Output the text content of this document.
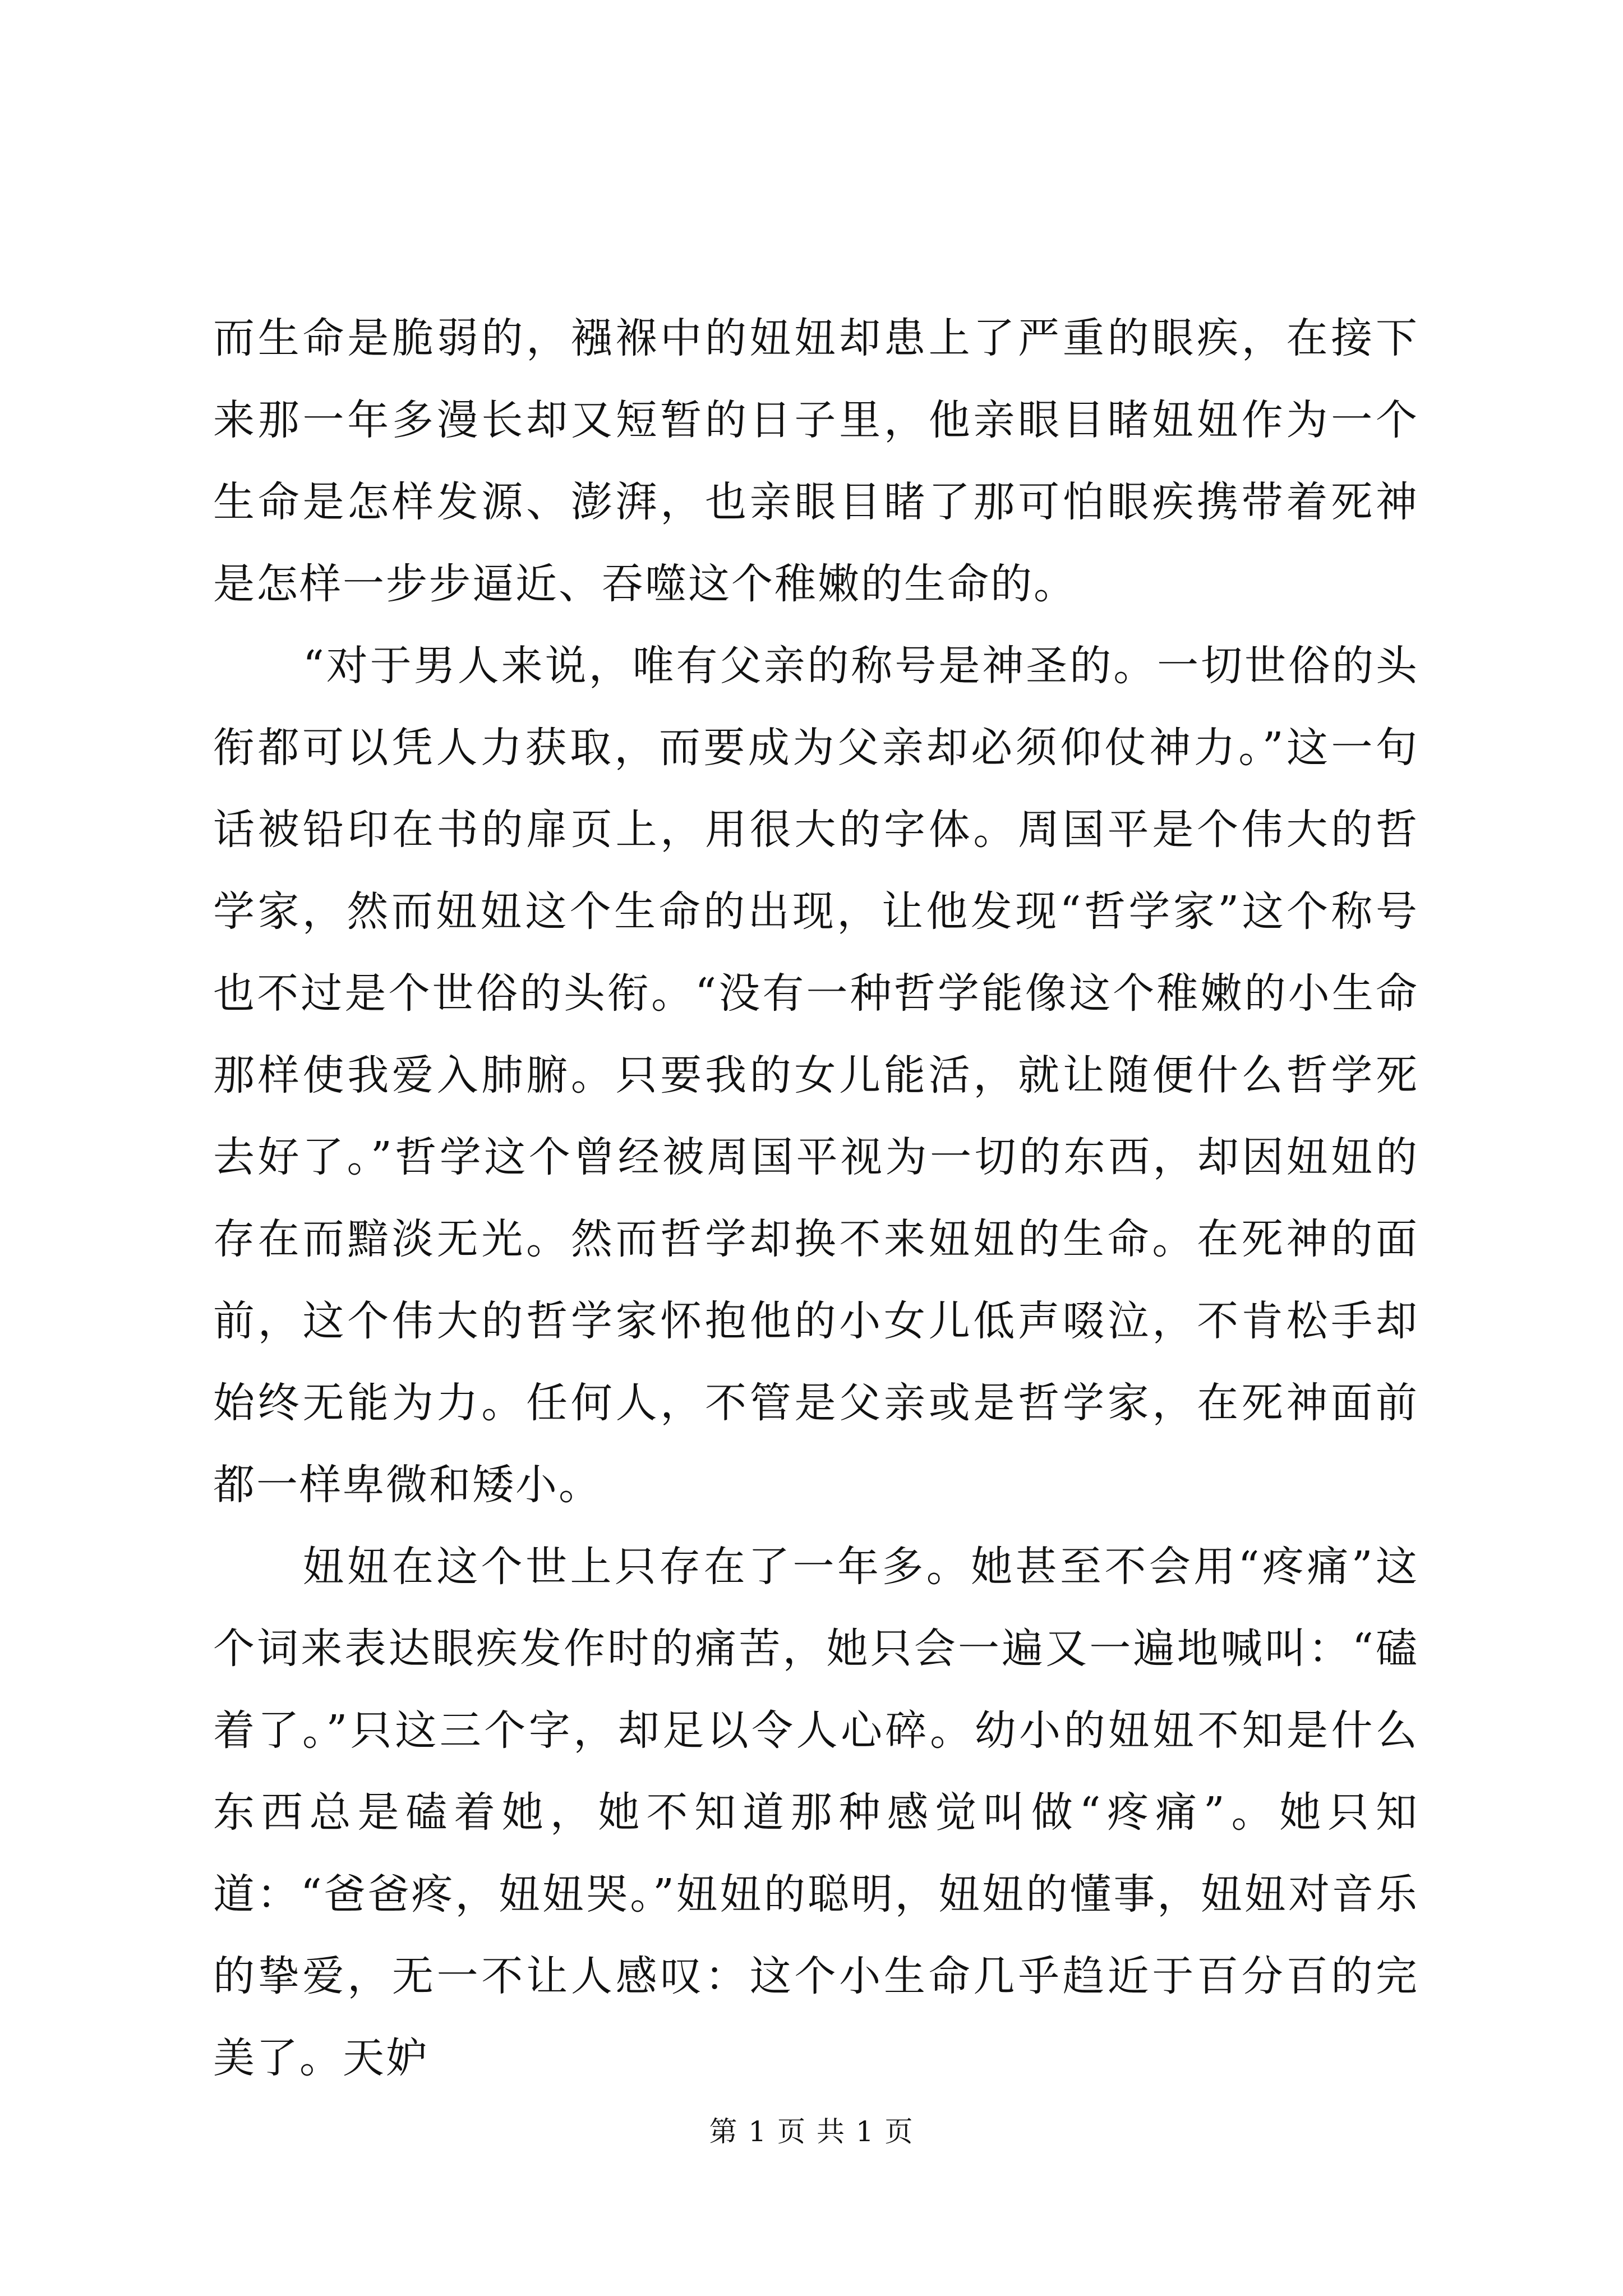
而生命是脆弱的，襁褓中的妞妞却患上了严重的眼疾，在接下来那一年多漫长却又短暂的日子里，他亲眼目睹妞妞作为一个生命是怎样发源、澎湃，也亲眼目睹了那可怕眼疾携带着死神是怎样一步步逼近、吞噬这个稚嫩的生命的。

“对于男人来说，唯有父亲的称号是神圣的。一切世俗的头衔都可以凭人力获取，而要成为父亲却必须仰仗神力。”这一句话被铅印在书的扉页上，用很大的字体。周国平是个伟大的哲学家，然而妞妞这个生命的出现，让他发现“哲学家”这个称号也不过是个世俗的头衔。“没有一种哲学能像这个稚嫩的小生命那样使我爱入肺腑。只要我的女儿能活，就让随便什么哲学死去好了。”哲学这个曾经被周国平视为一切的东西，却因妞妞的存在而黯淡无光。然而哲学却换不来妞妞的生命。在死神的面前，这个伟大的哲学家怀抱他的小女儿低声啜泣，不肯松手却始终无能为力。任何人，不管是父亲或是哲学家，在死神面前都一样卑微和矮小。

妞妞在这个世上只存在了一年多。她甚至不会用“疼痛”这个词来表达眼疾发作时的痛苦，她只会一遍又一遍地喊叫：“磕着了。”只这三个字，却足以令人心碎。幼小的妞妞不知是什么东西总是磕着她，她不知道那种感觉叫做“疼痛”。她只知道：“爸爸疼，妞妞哭。”妞妞的聪明，妞妞的懂事，妞妞对音乐的挚爱，无一不让人感叹：这个小生命几乎趋近于百分百的完美了。天妒

第 1 页 共 1 页
